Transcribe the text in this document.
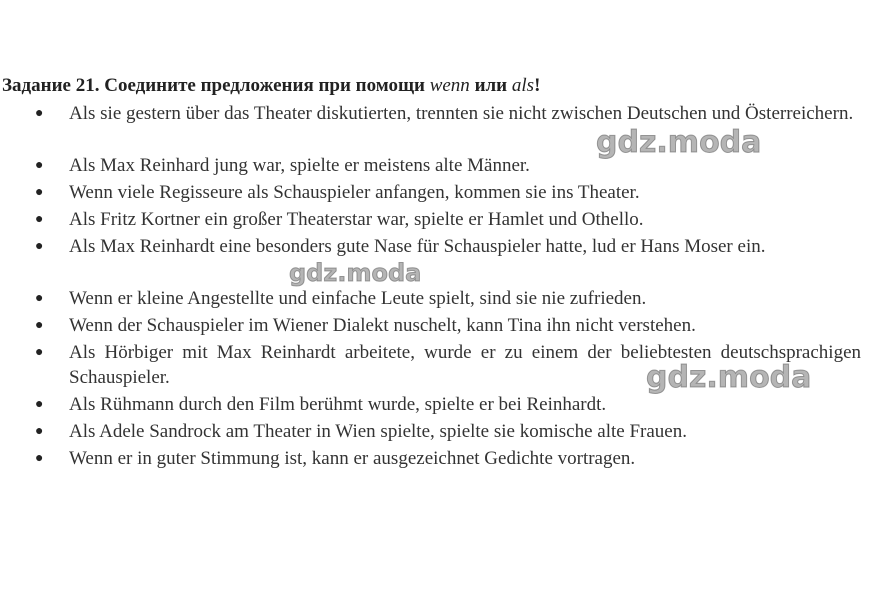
Задание 21. Соедините предложения при помощи wenn или als!
● Als sie gestern über das Theater diskutierten, trennten sie nicht zwischen Deutschen und Österreichern.
● Als Max Reinhard jung war, spielte er meistens alte Männer.
● Wenn viele Regisseure als Schauspieler anfangen, kommen sie ins Theater.
● Als Fritz Kortner ein großer Theaterstar war, spielte er Hamlet und Othello.
● Als Max Reinhardt eine besonders gute Nase für Schauspieler hatte, lud er Hans Moser ein.
● Wenn er kleine Angestellte und einfache Leute spielt, sind sie nie zufrieden.
● Wenn der Schauspieler im Wiener Dialekt nuschelt, kann Tina ihn nicht verstehen.
● Als Hörbiger mit Max Reinhardt arbeitete, wurde er zu einem der beliebtesten deutschsprachigen Schauspieler.
● Als Rühmann durch den Film berühmt wurde, spielte er bei Reinhardt.
● Als Adele Sandrock am Theater in Wien spielte, spielte sie komische alte Frauen.
● Wenn er in guter Stimmung ist, kann er ausgezeichnet Gedichte vortragen.
gdz.moda
gdz.moda
gdz.moda
